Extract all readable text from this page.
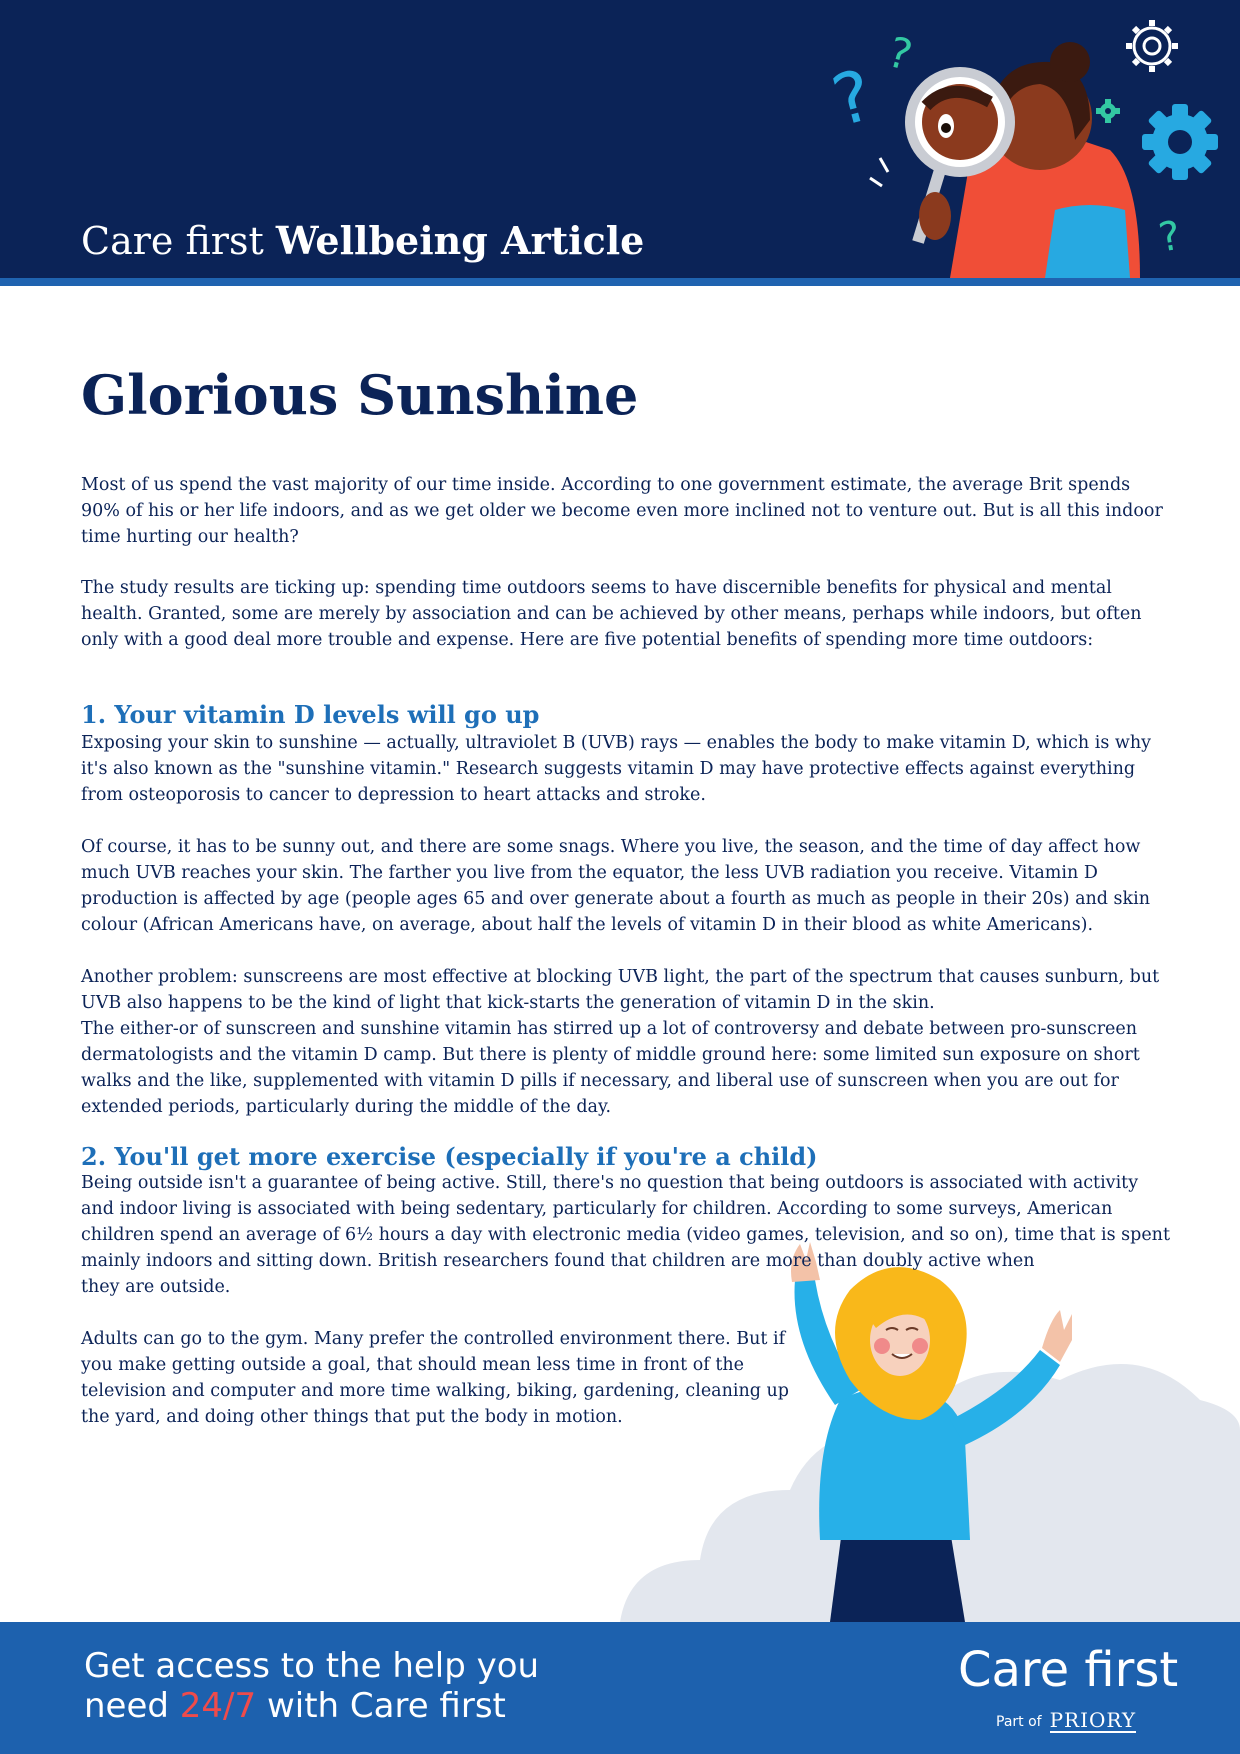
?
?
?
Care first Wellbeing Article
Glorious Sunshine

Most of us spend the vast majority of our time inside. According to one government estimate, the average Brit spends 90% of his or her life indoors, and as we get older we become even more inclined not to venture out. But is all this indoor time hurting our health?

The study results are ticking up: spending time outdoors seems to have discernible benefits for physical and mental health. Granted, some are merely by association and can be achieved by other means, perhaps while indoors, but often only with a good deal more trouble and expense. Here are five potential benefits of spending more time outdoors:

1. Your vitamin D levels will go up

Exposing your skin to sunshine — actually, ultraviolet B (UVB) rays — enables the body to make vitamin D, which is why it's also known as the "sunshine vitamin." Research suggests vitamin D may have protective effects against everything from osteoporosis to cancer to depression to heart attacks and stroke.

Of course, it has to be sunny out, and there are some snags. Where you live, the season, and the time of day affect how much UVB reaches your skin. The farther you live from the equator, the less UVB radiation you receive. Vitamin D production is affected by age (people ages 65 and over generate about a fourth as much as people in their 20s) and skin colour (African Americans have, on average, about half the levels of vitamin D in their blood as white Americans).

Another problem: sunscreens are most effective at blocking UVB light, the part of the spectrum that causes sunburn, but UVB also happens to be the kind of light that kick-starts the generation of vitamin D in the skin.
The either-or of sunscreen and sunshine vitamin has stirred up a lot of controversy and debate between pro-sunscreen dermatologists and the vitamin D camp. But there is plenty of middle ground here: some limited sun exposure on short walks and the like, supplemented with vitamin D pills if necessary, and liberal use of sunscreen when you are out for extended periods, particularly during the middle of the day.

2. You'll get more exercise (especially if you're a child)

Being outside isn't a guarantee of being active. Still, there's no question that being outdoors is associated with activity and indoor living is associated with being sedentary, particularly for children. According to some surveys, American children spend an average of 6½ hours a day with electronic media (video games, television, and so on), time that is spent mainly indoors and sitting down. British researchers found that children are more than doubly active when
they are outside.

Adults can go to the gym. Many prefer the controlled environment there. But if you make getting outside a goal, that should mean less time in front of the television and computer and more time walking, biking, gardening, cleaning up the yard, and doing other things that put the body in motion.

Get access to the help you
need 24/7 with Care first

Care first
Part of PRIORY
